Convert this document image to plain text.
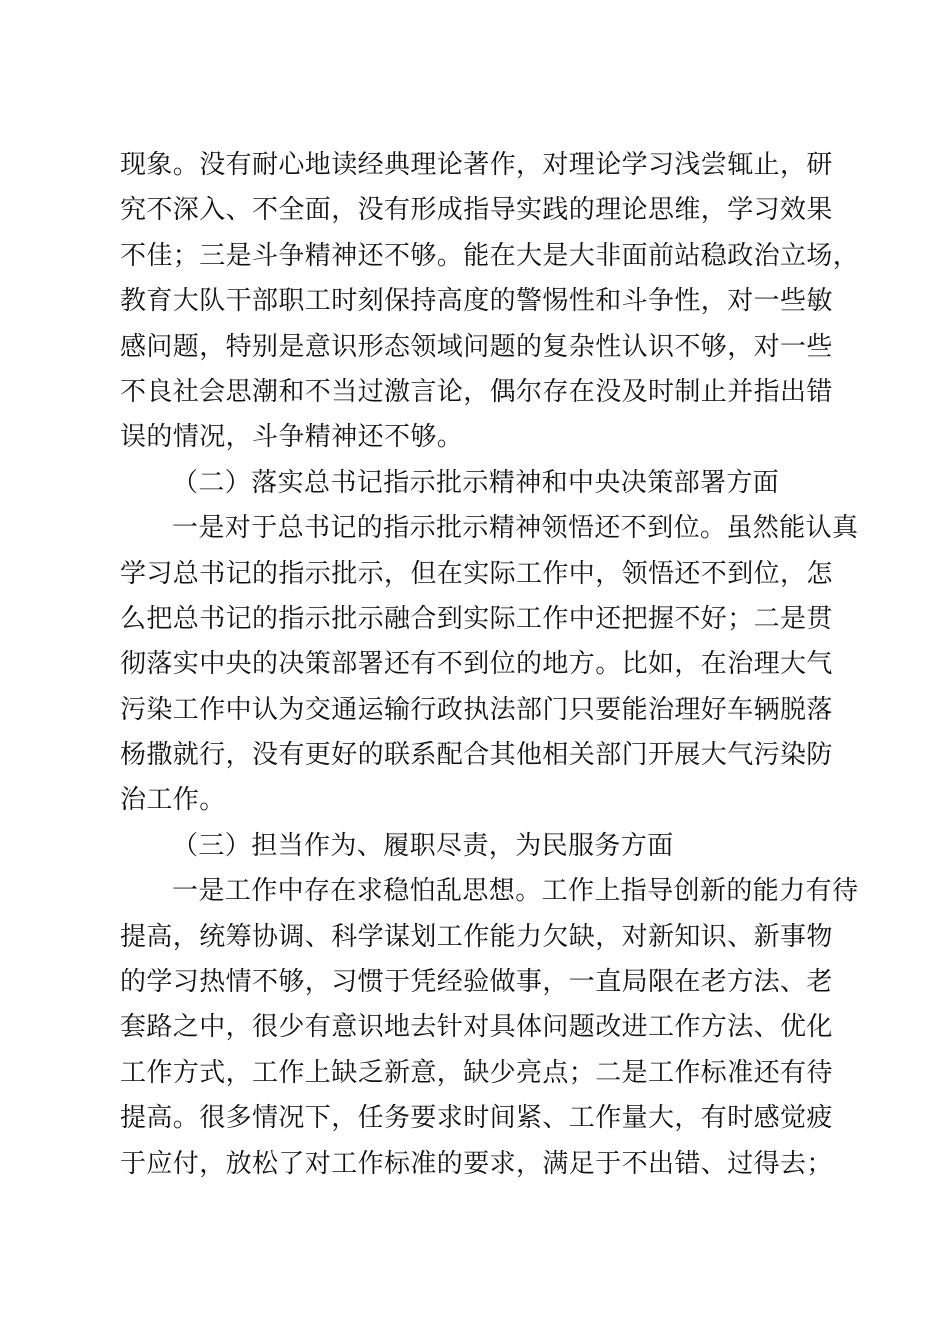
现象。没有耐心地读经典理论著作，对理论学习浅尝辄止，研
究不深入、不全面，没有形成指导实践的理论思维，学习效果
不佳；三是斗争精神还不够。能在大是大非面前站稳政治立场，
教育大队干部职工时刻保持高度的警惕性和斗争性，对一些敏
感问题，特别是意识形态领域问题的复杂性认识不够，对一些
不良社会思潮和不当过激言论，偶尔存在没及时制止并指出错
误的情况，斗争精神还不够。
（二）落实总书记指示批示精神和中央决策部署方面
一是对于总书记的指示批示精神领悟还不到位。虽然能认真
学习总书记的指示批示，但在实际工作中，领悟还不到位，怎
么把总书记的指示批示融合到实际工作中还把握不好；二是贯
彻落实中央的决策部署还有不到位的地方。比如，在治理大气
污染工作中认为交通运输行政执法部门只要能治理好车辆脱落
杨撒就行，没有更好的联系配合其他相关部门开展大气污染防
治工作。
（三）担当作为、履职尽责，为民服务方面
一是工作中存在求稳怕乱思想。工作上指导创新的能力有待
提高，统筹协调、科学谋划工作能力欠缺，对新知识、新事物
的学习热情不够，习惯于凭经验做事，一直局限在老方法、老
套路之中，很少有意识地去针对具体问题改进工作方法、优化
工作方式，工作上缺乏新意，缺少亮点；二是工作标准还有待
提高。很多情况下，任务要求时间紧、工作量大，有时感觉疲
于应付，放松了对工作标准的要求，满足于不出错、过得去；
